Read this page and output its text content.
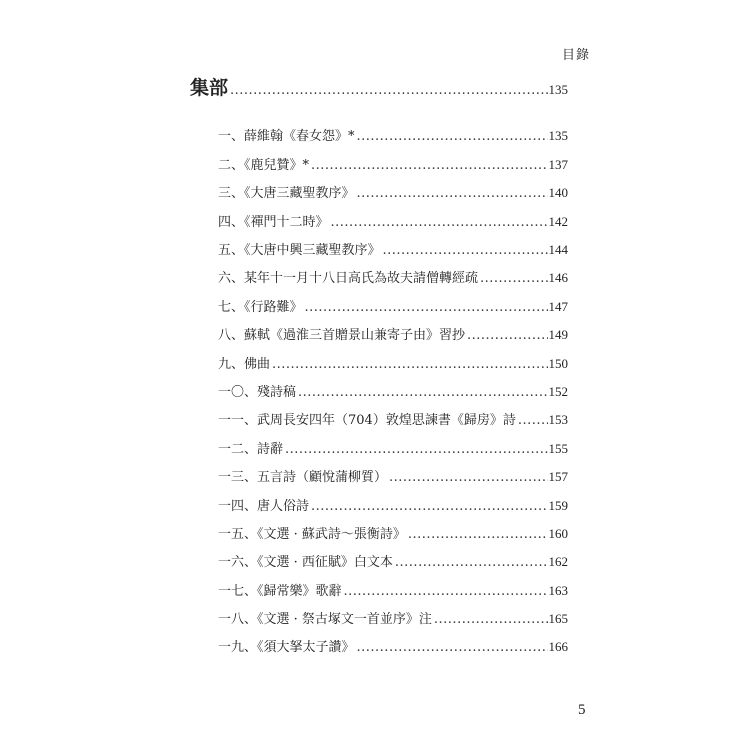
目錄
集部 .....	135
一、薛維翰《春女怨》* .....	135
二、《鹿兒贊》* .....	137
三、《大唐三藏聖教序》 .....	140
四、《禪門十二時》 .....	142
五、《大唐中興三藏聖教序》 .....	144
六、某年十一月十八日高氏為故夫請僧轉經疏 .....	146
七、《行路難》 .....	147
八、蘇軾《過淮三首贈景山兼寄子由》習抄 .....	149
九、佛曲 .....	150
一〇、殘詩稿 .....	152
一一、武周長安四年（704）敦煌思諫書《歸房》詩 .....	153
一二、詩辭 .....	155
一三、五言詩（顧悅蒲柳質） .....	157
一四、唐人俗詩 .....	159
一五、《文選 · 蘇武詩～張衡詩》 .....	160
一六、《文選 · 西征賦》白文本 .....	162
一七、《歸常樂》歌辭 .....	163
一八、《文選 · 祭古塚文一首並序》注 .....	165
一九、《須大拏太子讚》 .....	166
5
